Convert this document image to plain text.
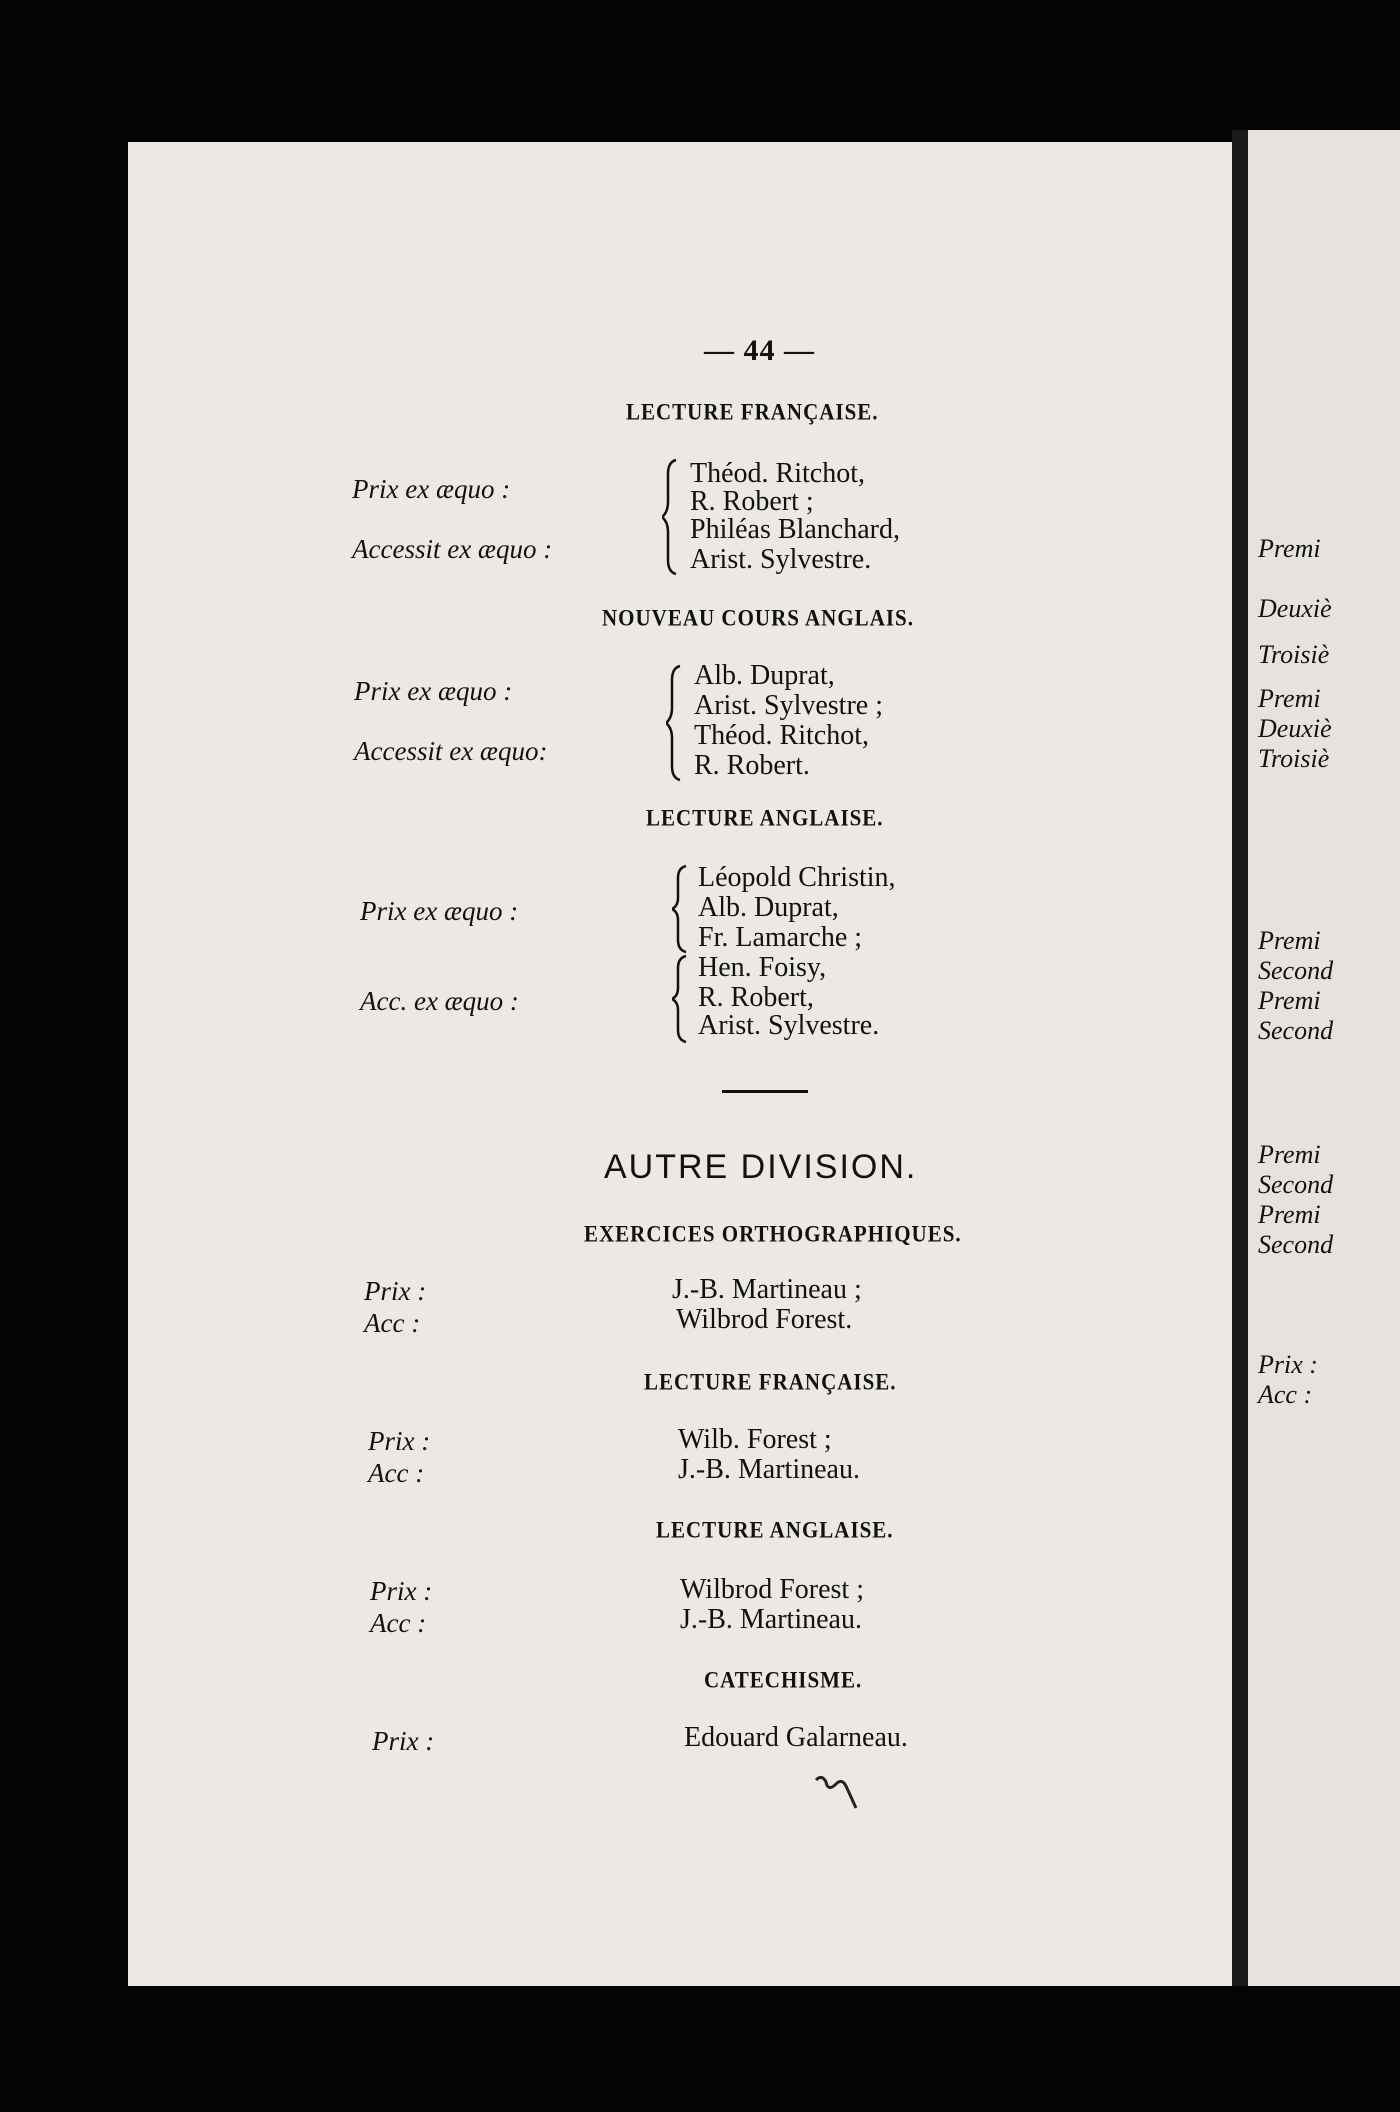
Premi
Deuxiè
Troisiè
Premi
Deuxiè
Troisiè
Premi
Second
Premi
Second
Premi
Second
Premi
Second
Prix :
Acc :
— 44 —
LECTURE FRANÇAISE.
Prix ex æquo :
Accessit ex æquo :
Théod. Ritchot,
R. Robert ;
Philéas Blanchard,
Arist. Sylvestre.
NOUVEAU COURS ANGLAIS.
Prix ex æquo :
Accessit ex æquo:
Alb. Duprat,
Arist. Sylvestre ;
Théod. Ritchot,
R. Robert.
LECTURE ANGLAISE.
Prix ex æquo :
Acc. ex æquo :
Léopold Christin,
Alb. Duprat,
Fr. Lamarche ;
Hen. Foisy,
R. Robert,
Arist. Sylvestre.
AUTRE DIVISION.
EXERCICES ORTHOGRAPHIQUES.
Prix :
Acc :
J.-B. Martineau ;
Wilbrod Forest.
LECTURE FRANÇAISE.
Prix :
Acc :
Wilb. Forest ;
J.-B. Martineau.
LECTURE ANGLAISE.
Prix :
Acc :
Wilbrod Forest ;
J.-B. Martineau.
CATECHISME.
Prix :	Edouard Galarneau.
